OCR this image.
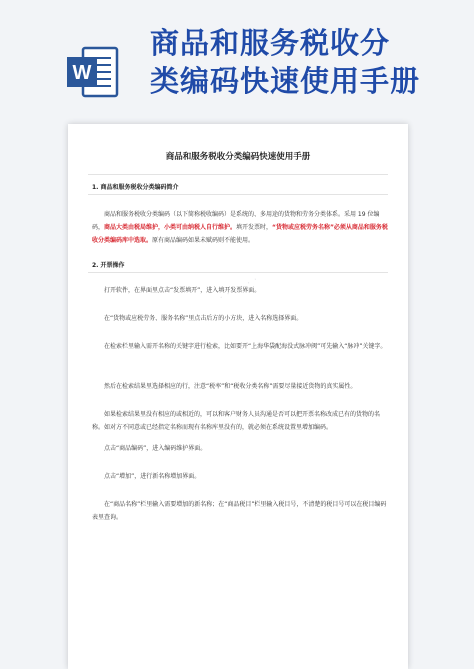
W
商品和服务税收分
类编码快速使用手册
· · · · · ·
商品和服务税收分类编码快速使用手册
1. 商品和服务税收分类编码简介
  商品和服务税收分类编码（以下简称税收编码）是系统的、多用途的货物和劳务分类体系。采用 19 位编码，商品大类由税局维护，小类可由纳税人自行维护。填开发票时，“货物或应税劳务名称”必须从商品和服务税收分类编码库中选取。原有商品编码如果未赋码则不能使用。
2. 开票操作
  打开软件，在界面里点击“发票填开”，进入填开发票界面。
  在“货物或应税劳务、服务名称”里点击后方的小方块，进入名称选择界面。
  在检索栏里输入需开名称的关键字进行检索，比如要开“上海华袋配海没式脉冲阀”可先输入“脉冲”关键字。
  然后在检索结果里选择相应的行，注意“税率”和“税收分类名称”需要尽量接近货物的真实属性。
  如果检索结果里没有相应的或相近的，可以和客户财务人员沟通是否可以把开票名称改成已有的货物的名称。如对方不同意或已经指定名称而现有名称库里没有的，就必须在系统设置里增加编码。
  点击“商品编码”，进入编码维护界面。
  点击“增加”，进行新名称增加界面。
  在“商品名称”栏里输入需要增加的新名称；在“商品税目”栏里输入税目号，不清楚的税目号可以在税目编码表里查询。
